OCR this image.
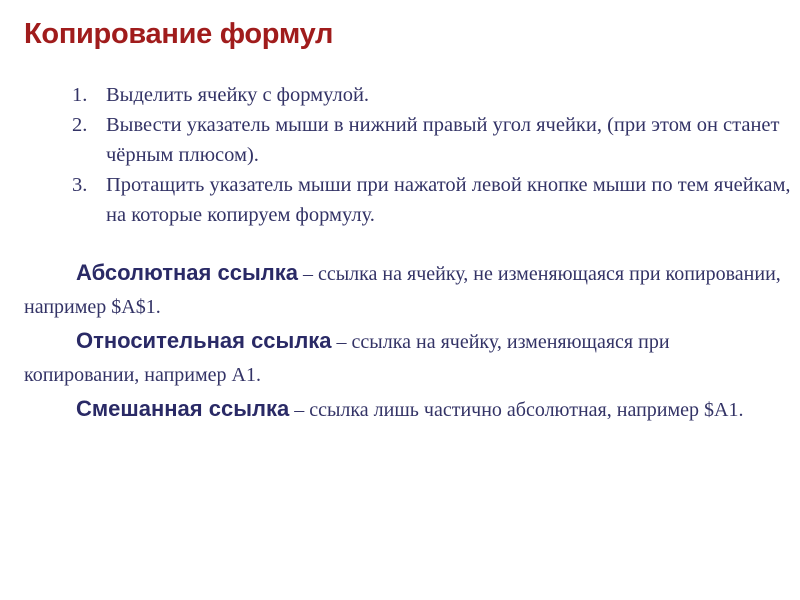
Копирование формул
1. Выделить ячейку с формулой.
2. Вывести указатель мыши в нижний правый угол ячейки, (при этом он станет чёрным плюсом).
3. Протащить указатель мыши при нажатой левой кнопке мыши по тем ячейкам, на которые копируем формулу.

Абсолютная ссылка – ссылка на ячейку, не изменяющаяся при копировании, например $A$1.

Относительная ссылка – ссылка на ячейку, изменяющаяся при копировании, например A1.

Смешанная ссылка – ссылка лишь частично абсолютная, например $A1.
